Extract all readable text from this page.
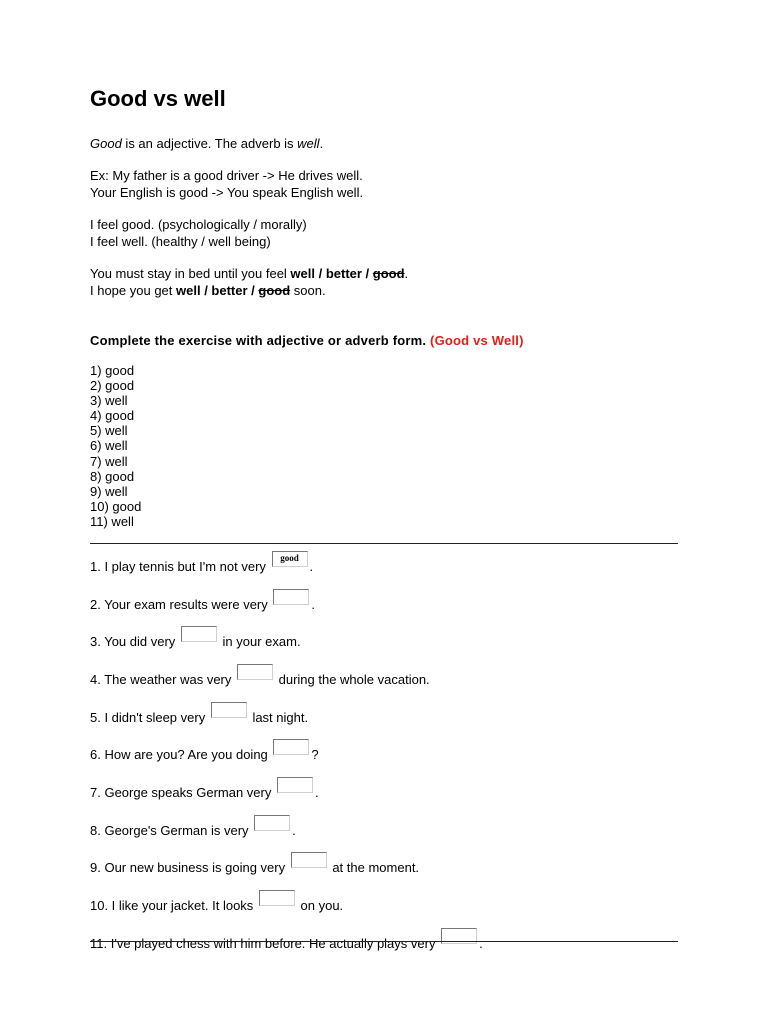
Good vs well
Good is an adjective. The adverb is well.
Ex: My father is a good driver -> He drives well.
Your English is good -> You speak English well.
I feel good. (psychologically / morally)
I feel well. (healthy / well being)
You must stay in bed until you feel well / better / good.
I hope you get well / better / good soon.
Complete the exercise with adjective or adverb form. (Good vs Well)
1) good
2) good
3) well
4) good
5) well
6) well
7) well
8) good
9) well
10) good
11) well
1. I play tennis but I'm not very good.
2. Your exam results were very	.
3. You did very	in your exam.
4. The weather was very	during the whole vacation.
5. I didn't sleep very	last night.
6. How are you? Are you doing	?
7. George speaks German very	.
8. George's German is very	.
9. Our new business is going very	at the moment.
10. I like your jacket. It looks	on you.
11. I've played chess with him before. He actually plays very	.
